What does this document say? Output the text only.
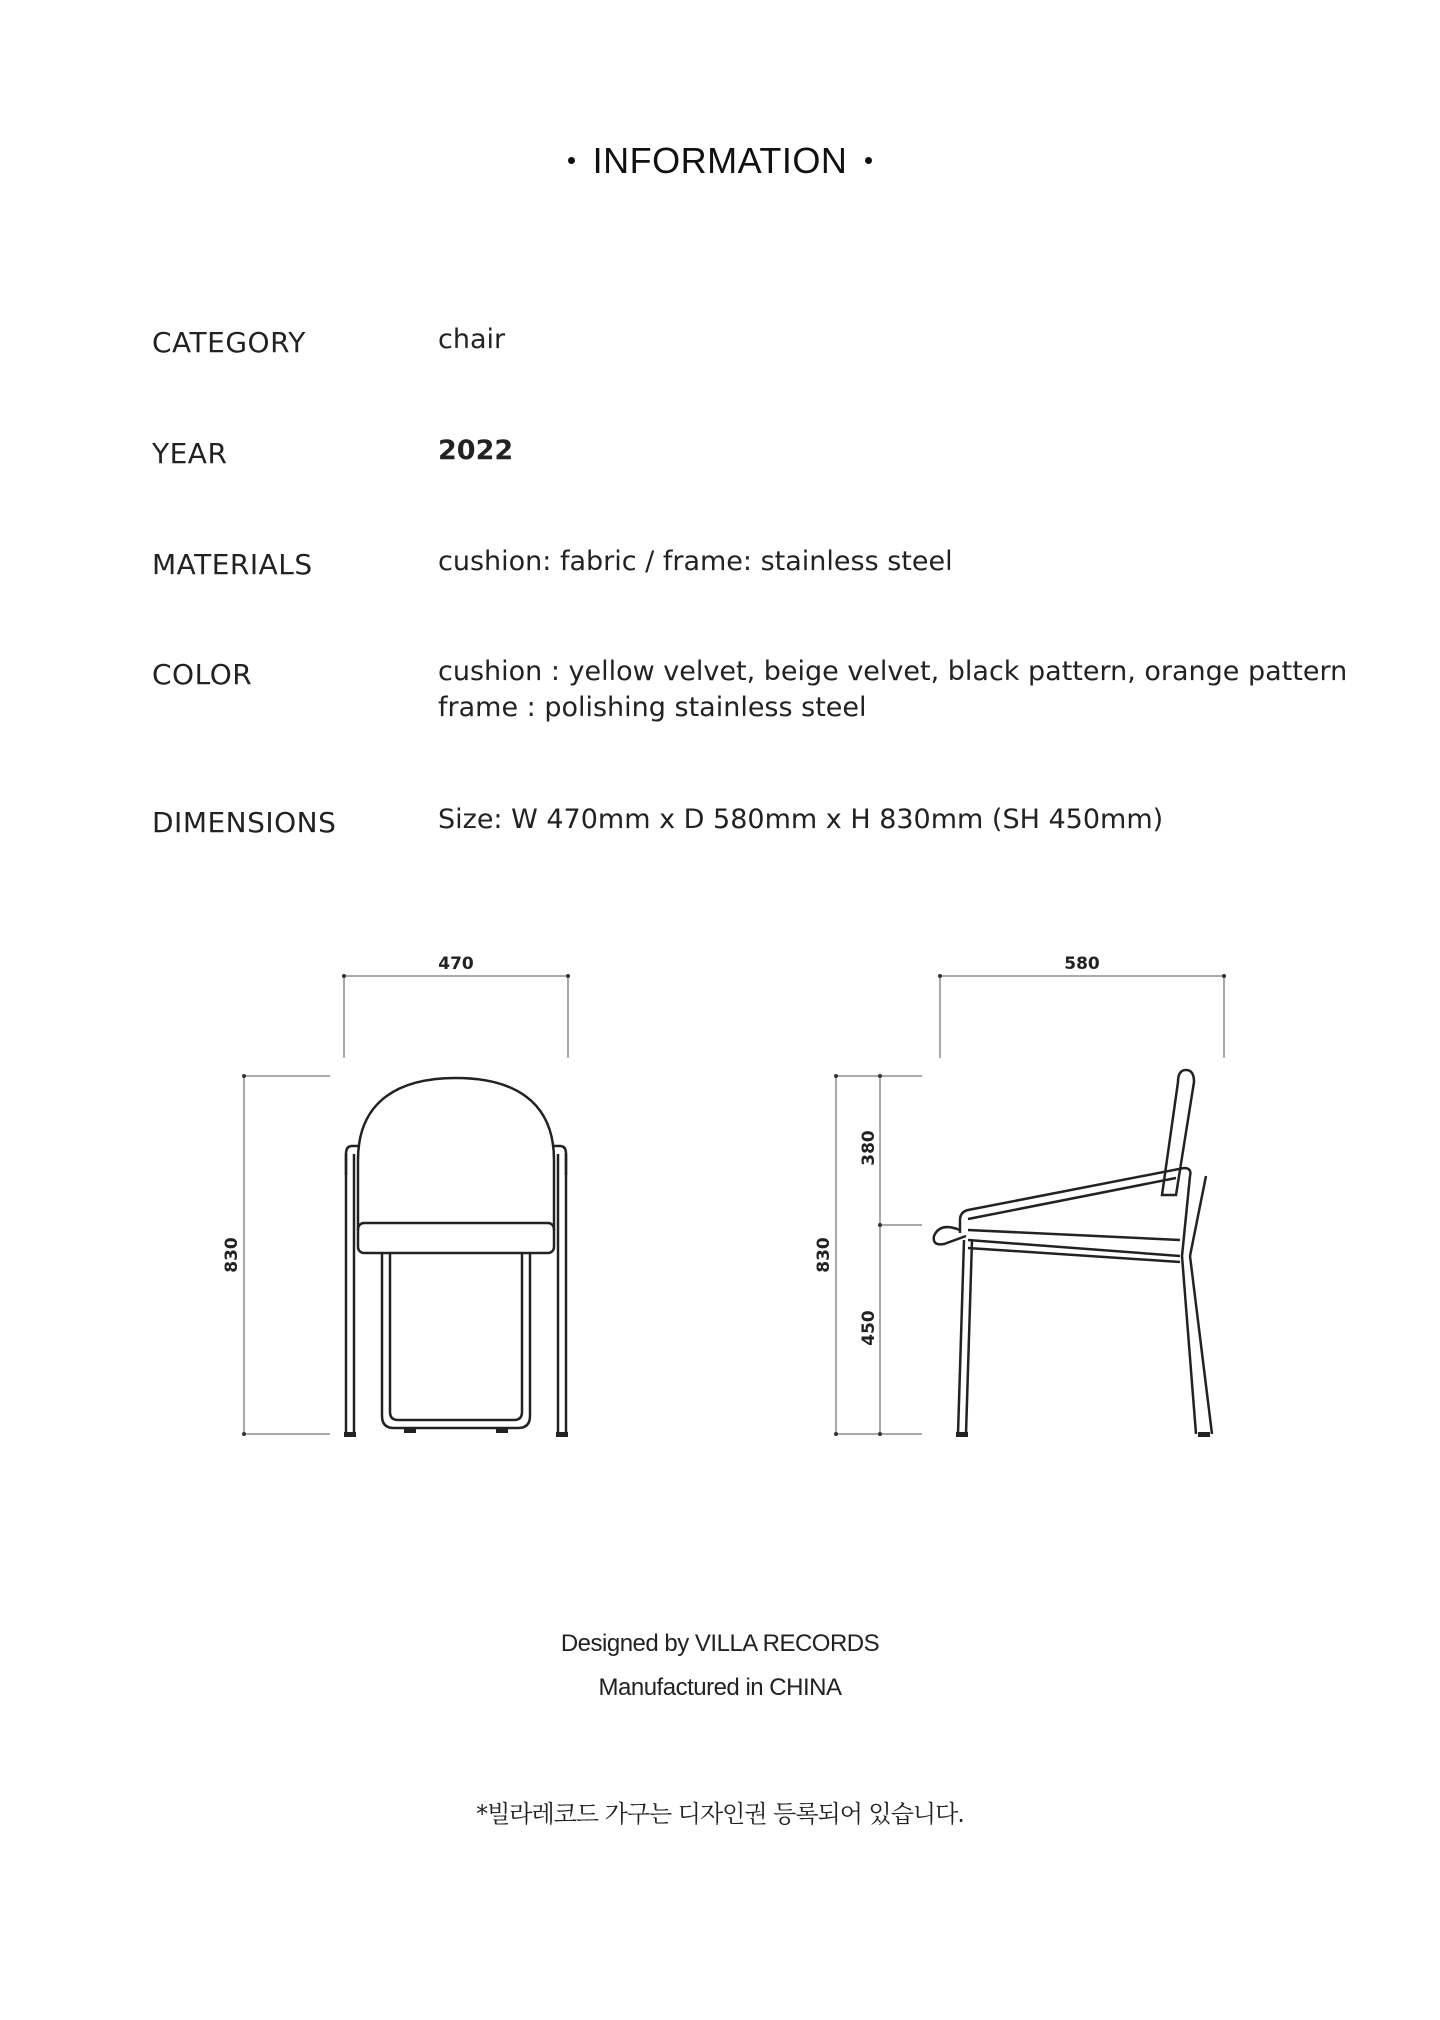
INFORMATION
CATEGORY	chair
YEAR	2022
MATERIALS	cushion: fabric / frame: stainless steel
COLOR	cushion : yellow velvet, beige velvet, black pattern, orange pattern
frame : polishing stainless steel
DIMENSIONS	Size: W 470mm x D 580mm x H 830mm (SH 450mm)
470
830
580
830
380
450
Designed by VILLA RECORDS
Manufactured in CHINA
*빌라레코드 가구는 디자인권 등록되어 있습니다.
